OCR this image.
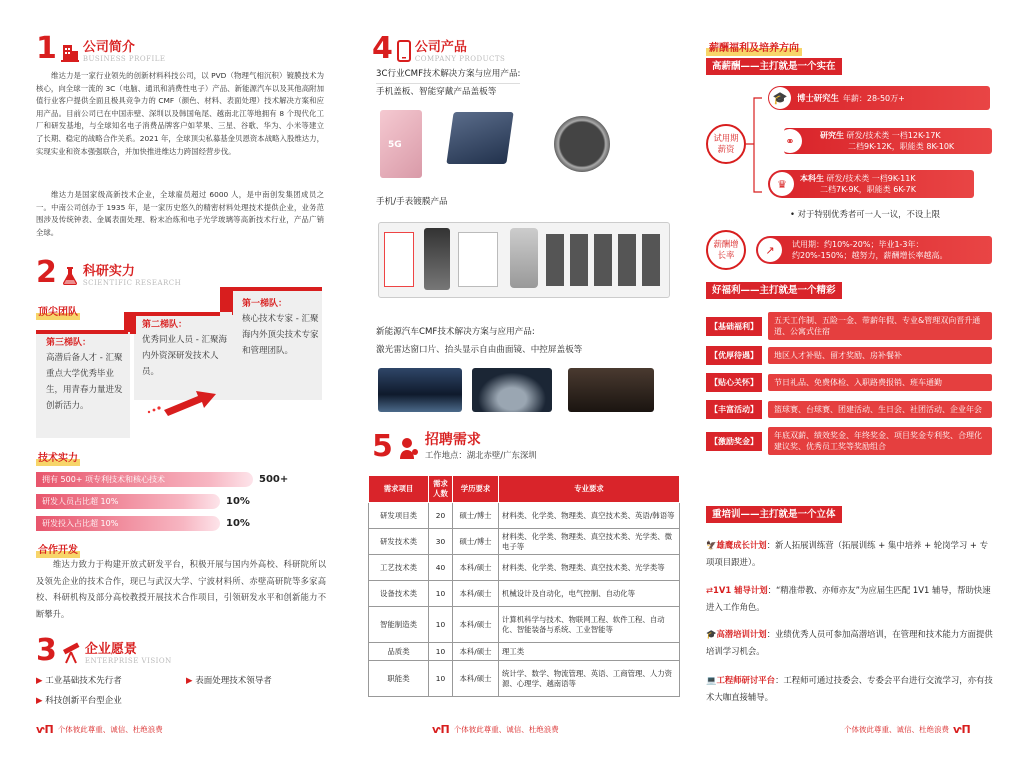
1 公司简介
BUSINESS PROFILE
维达力是一家行业领先的创新材料科技公司，以 PVD（物理气相沉积）镀膜技术为核心，向全球一流的 3C（电脑、通讯和消费性电子）产品、新能源汽车以及其他高附加值行业客户提供全面且极具竞争力的 CMF（颜色、材料、表面处理）技术解决方案和应用产品。目前公司已在中国赤壁、深圳以及韩国龟尾、越南北江等地拥有 8 个现代化工厂和研发基地，与全球知名电子消费品牌客户如苹果、三星、谷歌、华为、小米等建立了长期、稳定的战略合作关系。2021 年，全球顶尖私募基金贝恩资本战略入股维达力，实现实业和资本强强联合，并加快推进维达力跨国经营步伐。
维达力是国家级高新技术企业，全球雇员超过 6000 人，是中南创发集团成员之一。中南公司创办于 1935 年，是一家历史悠久的精密材料处理技术提供企业，业务范围涉及传统钟表、金属表面处理、粉末冶炼和电子光学玻璃等高新技术行业，产品广销全球。
2 科研实力
SCIENTIFIC RESEARCH
顶尖团队
第一梯队：
核心技术专家 - 汇聚海内外顶尖技术专家和管理团队。
第二梯队：
优秀同业人员 - 汇聚海内外资深研发技术人员。
第三梯队：
高潜后备人才 - 汇聚重点大学优秀毕业生，用青春力量进发创新活力。
技术实力
拥有 500+ 项专利技术和核心技术	500+
研发人员占比超 10%	10%
研发投入占比超 10%	10%
合作开发
维达力致力于构建开放式研发平台，积极开展与国内外高校、科研院所以及领先企业的技术合作，现已与武汉大学、宁波材料所、赤壁高研院等多家高校、科研机构及部分高校教授开展技术合作项目，引领研发水平和创新能力不断攀升。
3 企业愿景
ENTERPRISE VISION
▶ 工业基础技术先行者	▶ 表面处理技术领导者
▶ 科技创新平台型企业
ⱱΠ 个体彼此尊重、诚信、杜绝浪费
4 公司产品
COMPANY PRODUCTS
3C行业CMF技术解决方案与应用产品:
手机盖板、智能穿戴产品盖板等
5G
手机/手表镀膜产品
新能源汽车CMF技术解决方案与应用产品:
激光雷达窗口片、抬头显示自由曲面镜、中控屏盖板等
5 招聘需求
工作地点：湖北赤壁/广东深圳
需求项目	需求人数	学历要求	专业要求
研发项目类	20	硕士/博士	材料类、化学类、物理类、真空技术类、英语/韩语等
研发技术类	30	硕士/博士	材料类、化学类、物理类、真空技术类、光学类、微电子等
工艺技术类	40	本科/硕士	材料类、化学类、物理类、真空技术类、光学类等
设备技术类	10	本科/硕士	机械设计及自动化，电气控制、自动化等
智能制造类	10	本科/硕士	计算机科学与技术、物联网工程、软件工程、自动化、智能装备与系统、工业智能等
品质类	10	本科/硕士	理工类
职能类	10	本科/硕士	统计学、数学、物流管理、英语、工商管理、人力资源、心理学、越南语等
ⱱΠ 个体彼此尊重、诚信、杜绝浪费
薪酬福利及培养方向
高薪酬——主打就是一个实在
试用期薪资
🎓	博士研究生 年薪：28-50万+
⚭	研究生 研发/技术类 一档12K-17K
二档9K-12K，职能类 8K-10K
♛	本科生 研发/技术类 一档9K-11K
二档7K-9K，职能类 6K-7K
• 对于特别优秀者可一人一议，不设上限
薪酬增长率	↗	试用期：约10%-20%；毕业1-3年：
约20%-150%；越努力，薪酬增长率越高。
好福利——主打就是一个精彩
【基础福利】
五天工作制、五险一金、带薪年假、专业&管理双向晋升通道、公寓式住宿
【优厚待遇】	地区人才补贴、留才奖励、房补餐补
【贴心关怀】	节日礼品、免费体检、入职路费报销、班车通勤
【丰富活动】	篮球赛、台球赛、团建活动、生日会、社团活动、企业年会
【激励奖金】
年底双薪、绩效奖金、年终奖金、项目奖金专利奖、合理化建议奖、优秀员工奖等奖励组合
重培训——主打就是一个立体
🦅雄鹰成长计划：新人拓展训练营（拓展训练 + 集中培养 + 轮岗学习 + 专项项目跟进）。
⇄1V1 辅导计划：“精准带教、亦师亦友”为应届生匹配 1V1 辅导，帮助快速进入工作角色。
🎓高潜培训计划：业绩优秀人员可参加高潜培训，在管理和技术能力方面提供培训学习机会。
💻工程师研讨平台：工程师可通过技委会、专委会平台进行交流学习，亦有技术大咖直接辅导。
个体彼此尊重、诚信、杜绝浪费 ⱱΠ
